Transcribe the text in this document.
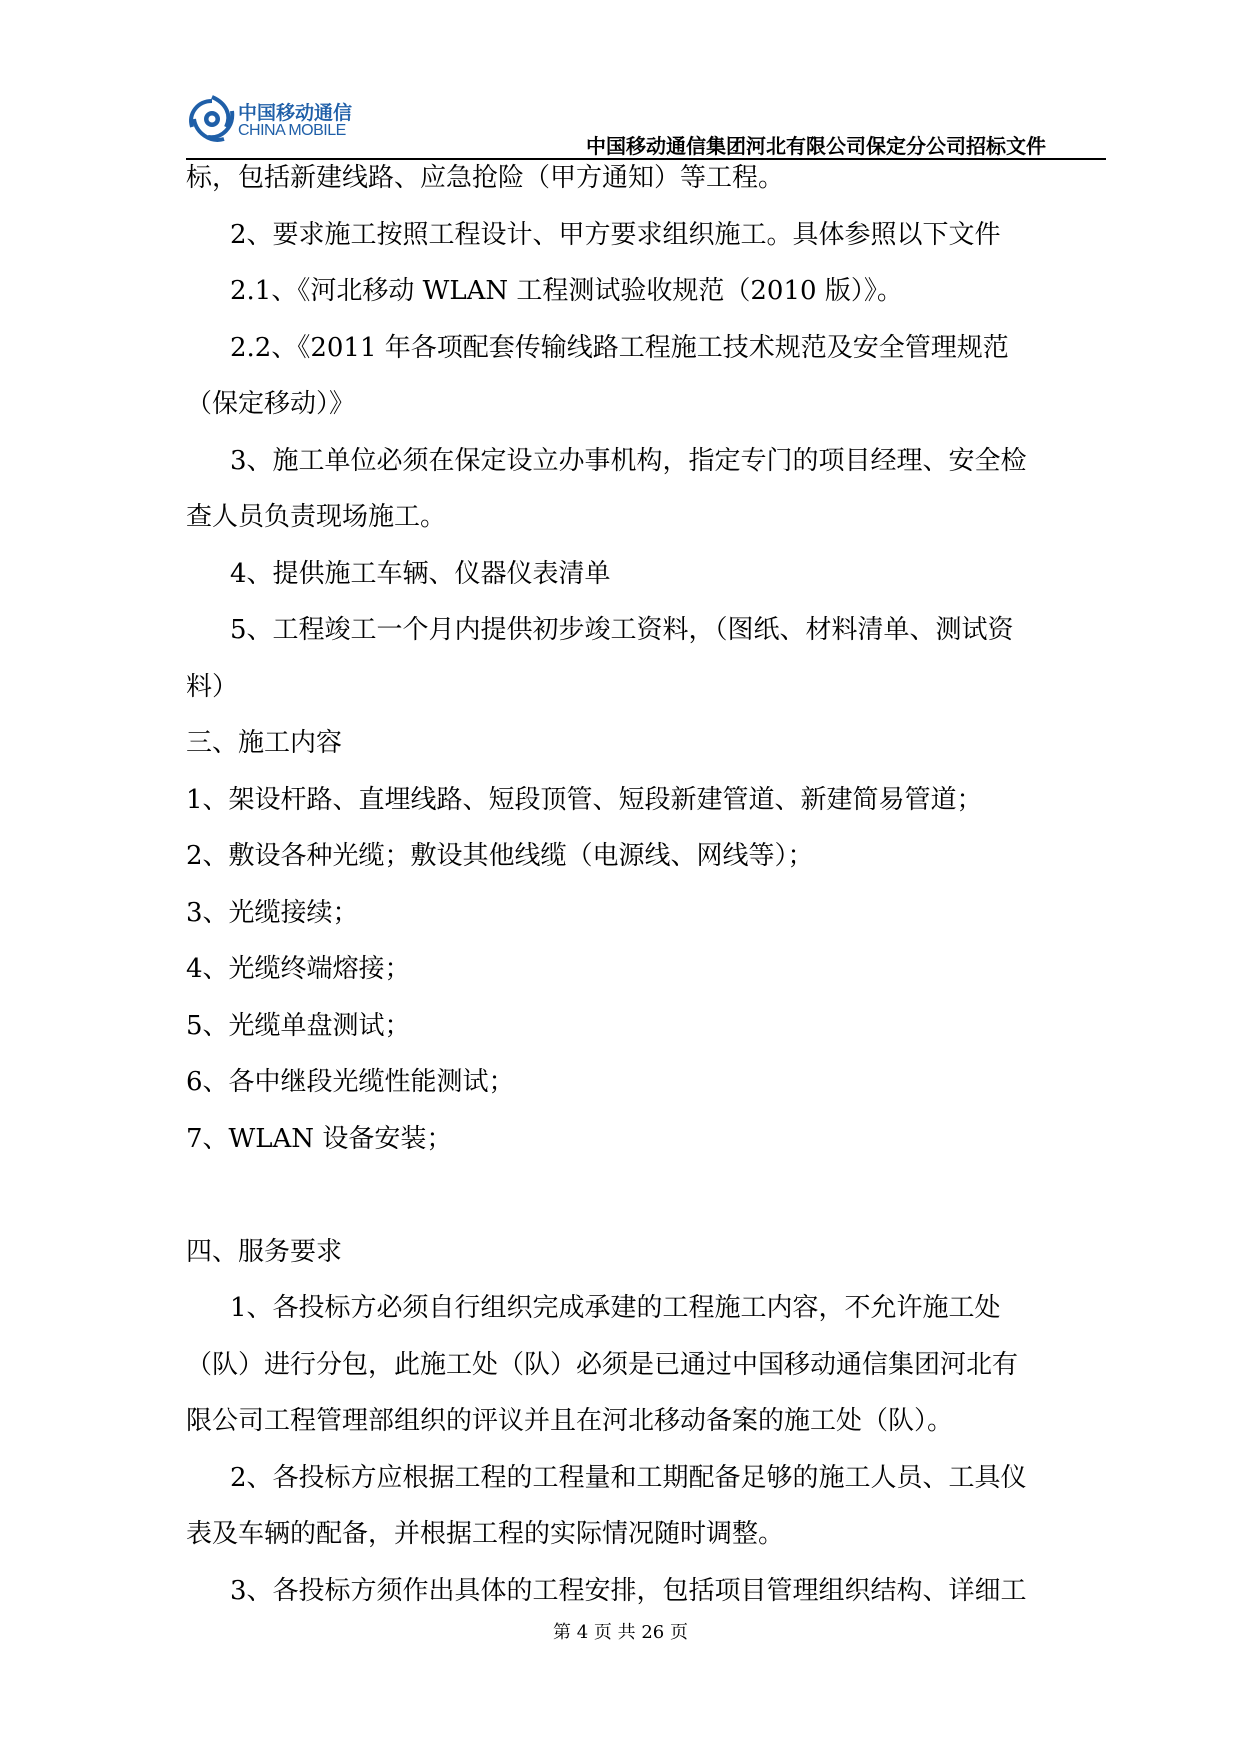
中国移动通信
CHINA MOBILE
中国移动通信集团河北有限公司保定分公司招标文件
标，包括新建线路、应急抢险（甲方通知）等工程。
2、要求施工按照工程设计、甲方要求组织施工。具体参照以下文件
2.1、《河北移动 WLAN 工程测试验收规范（2010 版）》。
2.2、《2011 年各项配套传输线路工程施工技术规范及安全管理规范
（保定移动）》
3、施工单位必须在保定设立办事机构，指定专门的项目经理、安全检
查人员负责现场施工。
4、提供施工车辆、仪器仪表清单
5、工程竣工一个月内提供初步竣工资料，（图纸、材料清单、测试资
料）
三、施工内容
1、架设杆路、直埋线路、短段顶管、短段新建管道、新建简易管道；
2、敷设各种光缆；敷设其他线缆（电源线、网线等）；
3、光缆接续；
4、光缆终端熔接；
5、光缆单盘测试；
6、各中继段光缆性能测试；
7、WLAN 设备安装；
四、服务要求
1、各投标方必须自行组织完成承建的工程施工内容，不允许施工处
（队）进行分包，此施工处（队）必须是已通过中国移动通信集团河北有
限公司工程管理部组织的评议并且在河北移动备案的施工处（队）。
2、各投标方应根据工程的工程量和工期配备足够的施工人员、工具仪
表及车辆的配备，并根据工程的实际情况随时调整。
3、各投标方须作出具体的工程安排，包括项目管理组织结构、详细工
第 4 页 共 26 页
